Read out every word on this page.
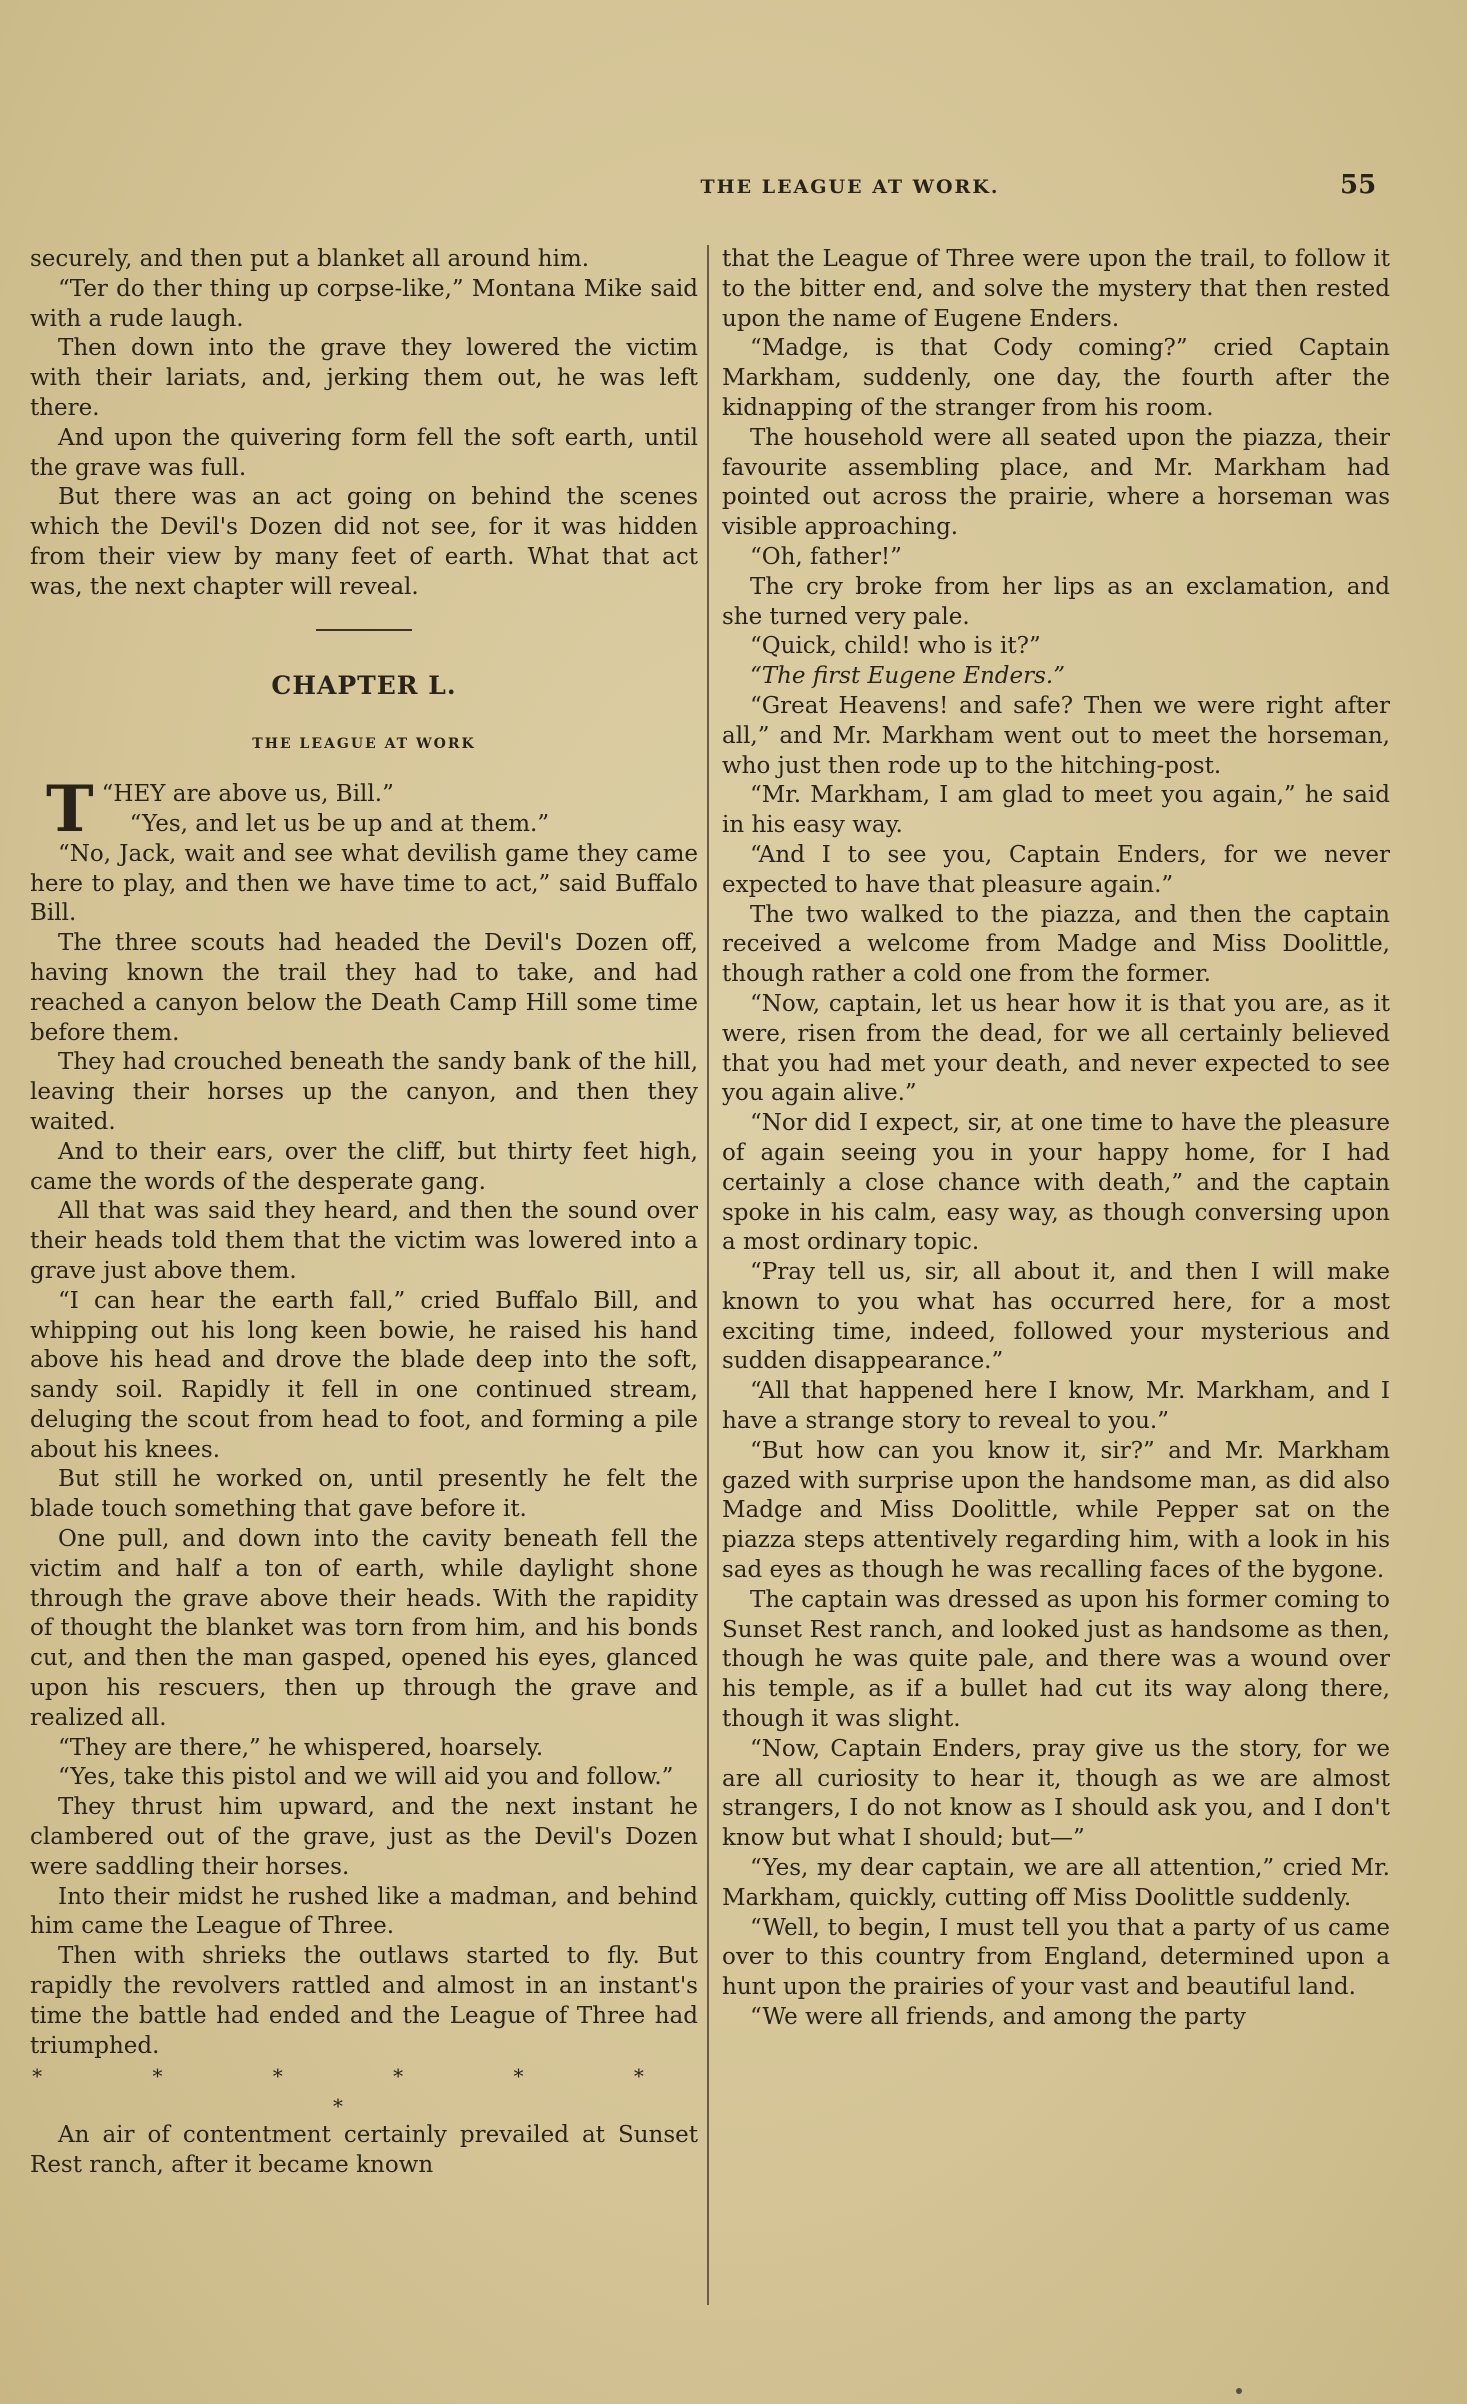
THE LEAGUE AT WORK.	55

securely, and then put a blanket all around him.

“Ter do ther thing up corpse-like,” Montana Mike said with a rude laugh.

Then down into the grave they lowered the victim with their lariats, and, jerking them out, he was left there.

And upon the quivering form fell the soft earth, until the grave was full.

But there was an act going on behind the scenes which the Devil's Dozen did not see, for it was hidden from their view by many feet of earth. What that act was, the next chapter will reveal.

CHAPTER L.
THE LEAGUE AT WORK

“
T HEY are above us, Bill.”

“Yes, and let us be up and at them.”

“No, Jack, wait and see what devilish game they came here to play, and then we have time to act,” said Buffalo Bill.

The three scouts had headed the Devil's Dozen off, having known the trail they had to take, and had reached a canyon below the Death Camp Hill some time before them.

They had crouched beneath the sandy bank of the hill, leaving their horses up the canyon, and then they waited.

And to their ears, over the cliff, but thirty feet high, came the words of the desperate gang.

All that was said they heard, and then the sound over their heads told them that the victim was lowered into a grave just above them.

“I can hear the earth fall,” cried Buffalo Bill, and whipping out his long keen bowie, he raised his hand above his head and drove the blade deep into the soft, sandy soil. Rapidly it fell in one continued stream, deluging the scout from head to foot, and forming a pile about his knees.

But still he worked on, until presently he felt the blade touch something that gave before it.

One pull, and down into the cavity beneath fell the victim and half a ton of earth, while daylight shone through the grave above their heads. With the rapidity of thought the blanket was torn from him, and his bonds cut, and then the man gasped, opened his eyes, glanced upon his rescuers, then up through the grave and realized all.

“They are there,” he whispered, hoarsely.

“Yes, take this pistol and we will aid you and follow.”

They thrust him upward, and the next instant he clambered out of the grave, just as the Devil's Dozen were saddling their horses.

Into their midst he rushed like a madman, and behind him came the League of Three.

Then with shrieks the outlaws started to fly. But rapidly the revolvers rattled and almost in an instant's time the battle had ended and the League of Three had triumphed.

* * * * * * *

An air of contentment certainly prevailed at Sunset Rest ranch, after it became known

that the League of Three were upon the trail, to follow it to the bitter end, and solve the mystery that then rested upon the name of Eugene Enders.

“Madge, is that Cody coming?” cried Captain Markham, suddenly, one day, the fourth after the kidnapping of the stranger from his room.

The household were all seated upon the piazza, their favourite assembling place, and Mr. Markham had pointed out across the prairie, where a horseman was visible approaching.

“Oh, father!”

The cry broke from her lips as an exclamation, and she turned very pale.

“Quick, child! who is it?”

“The first Eugene Enders.”

“Great Heavens! and safe? Then we were right after all,” and Mr. Markham went out to meet the horseman, who just then rode up to the hitching-post.

“Mr. Markham, I am glad to meet you again,” he said in his easy way.

“And I to see you, Captain Enders, for we never expected to have that pleasure again.”

The two walked to the piazza, and then the captain received a welcome from Madge and Miss Doolittle, though rather a cold one from the former.

“Now, captain, let us hear how it is that you are, as it were, risen from the dead, for we all certainly believed that you had met your death, and never expected to see you again alive.”

“Nor did I expect, sir, at one time to have the pleasure of again seeing you in your happy home, for I had certainly a close chance with death,” and the captain spoke in his calm, easy way, as though conversing upon a most ordinary topic.

“Pray tell us, sir, all about it, and then I will make known to you what has occurred here, for a most exciting time, indeed, followed your mysterious and sudden disappearance.”

“All that happened here I know, Mr. Markham, and I have a strange story to reveal to you.”

“But how can you know it, sir?” and Mr. Markham gazed with surprise upon the handsome man, as did also Madge and Miss Doolittle, while Pepper sat on the piazza steps attentively regarding him, with a look in his sad eyes as though he was recalling faces of the bygone.

The captain was dressed as upon his former coming to Sunset Rest ranch, and looked just as handsome as then, though he was quite pale, and there was a wound over his temple, as if a bullet had cut its way along there, though it was slight.

“Now, Captain Enders, pray give us the story, for we are all curiosity to hear it, though as we are almost strangers, I do not know as I should ask you, and I don't know but what I should; but—”

“Yes, my dear captain, we are all attention,” cried Mr. Markham, quickly, cutting off Miss Doolittle suddenly.

“Well, to begin, I must tell you that a party of us came over to this country from England, determined upon a hunt upon the prairies of your vast and beautiful land.

“We were all friends, and among the party
